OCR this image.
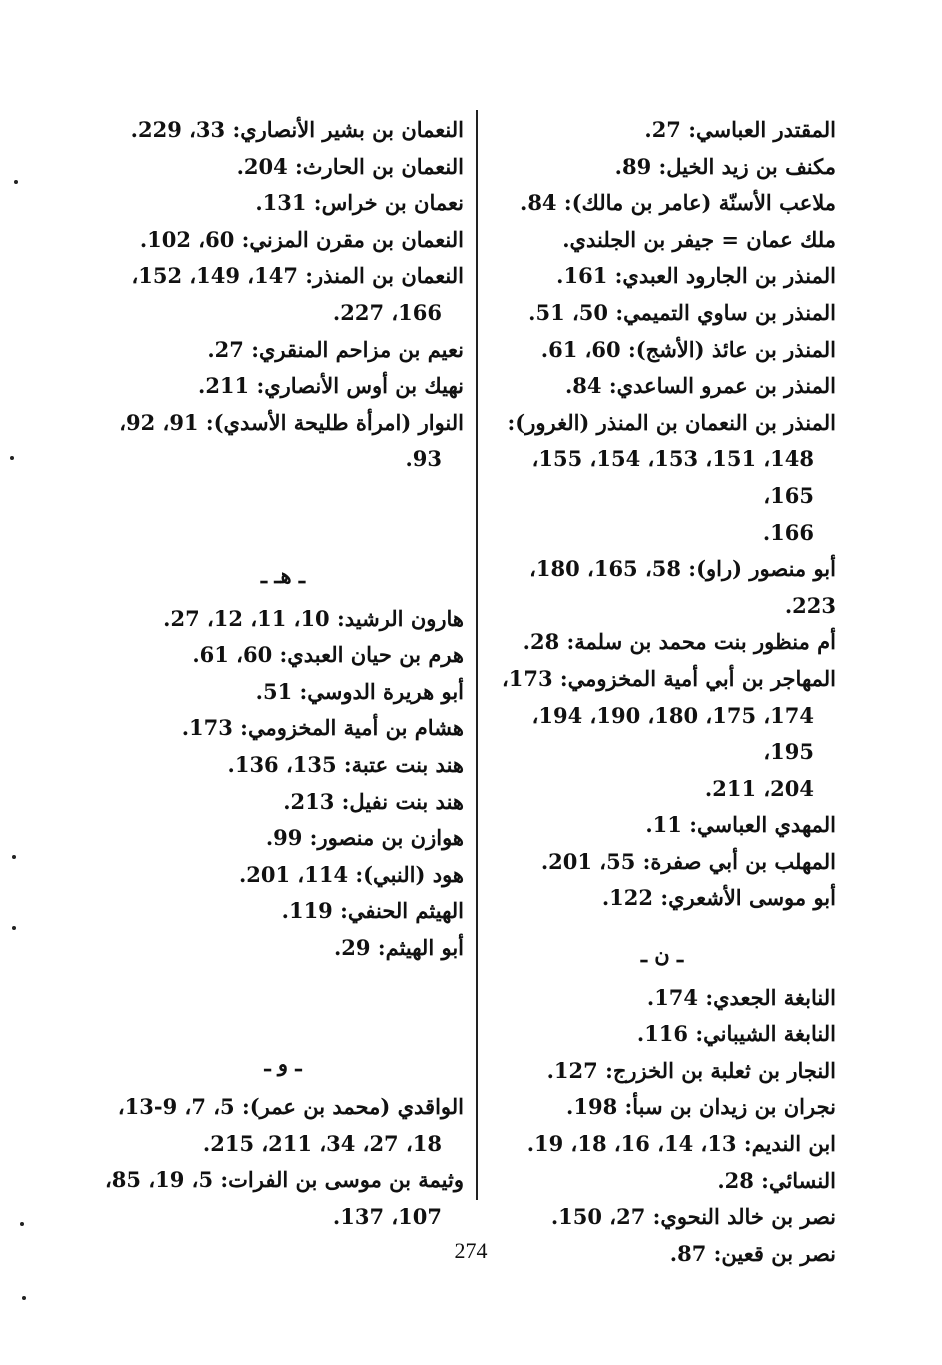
المقتدر العباسي: 27.

مكنف بن زيد الخيل: 89.

ملاعب الأسنّة (عامر بن مالك): 84.

ملك عمان = جيفر بن الجلندي.

المنذر بن الجارود العبدي: 161.

المنذر بن ساوي التميمي: 50، 51.

المنذر بن عائذ (الأشج): 60، 61.

المنذر بن عمرو الساعدي: 84.

المنذر بن النعمان بن المنذر (الغرور):

148، 151، 153، 154، 155، 165،

166.

أبو منصور (راو): 58، 165، 180، 223.

أم منظور بنت محمد بن سلمة: 28.

المهاجر بن أبي أمية المخزومي: 173،

174، 175، 180، 190، 194، 195،

204، 211.

المهدي العباسي: 11.

المهلب بن أبي صفرة: 55، 201.

أبو موسى الأشعري: 122.

ـ ن ـ

النابغة الجعدي: 174.

النابغة الشيباني: 116.

النجار بن ثعلبة بن الخزرج: 127.

نجران بن زيدان بن سبأ: 198.

ابن النديم: 13، 14، 16، 18، 19.

النسائي: 28.

نصر بن خالد النحوي: 27، 150.

نصر بن قعين: 87.

النعمان بن بشير الأنصاري: 33، 229.

النعمان بن الحارث: 204.

نعمان بن خراس: 131.

النعمان بن مقرن المزني: 60، 102.

النعمان بن المنذر: 147، 149، 152،

166، 227.

نعيم بن مزاحم المنقري: 27.

نهيك بن أوس الأنصاري: 211.

النوار (امرأة طليحة الأسدي): 91، 92،

93.

ـ هـ ـ

هارون الرشيد: 10، 11، 12، 27.

هرم بن حيان العبدي: 60، 61.

أبو هريرة الدوسي: 51.

هشام بن أمية المخزومي: 173.

هند بنت عتبة: 135، 136.

هند بنت نفيل: 213.

هوازن بن منصور: 99.

هود (النبي): 114، 201.

الهيثم الحنفي: 119.

أبو الهيثم: 29.

ـ و ـ

الواقدي (محمد بن عمر): 5، 7، 9-13،

18، 27، 34، 211، 215.

وثيمة بن موسى بن الفرات: 5، 19، 85،

107، 137.

274
